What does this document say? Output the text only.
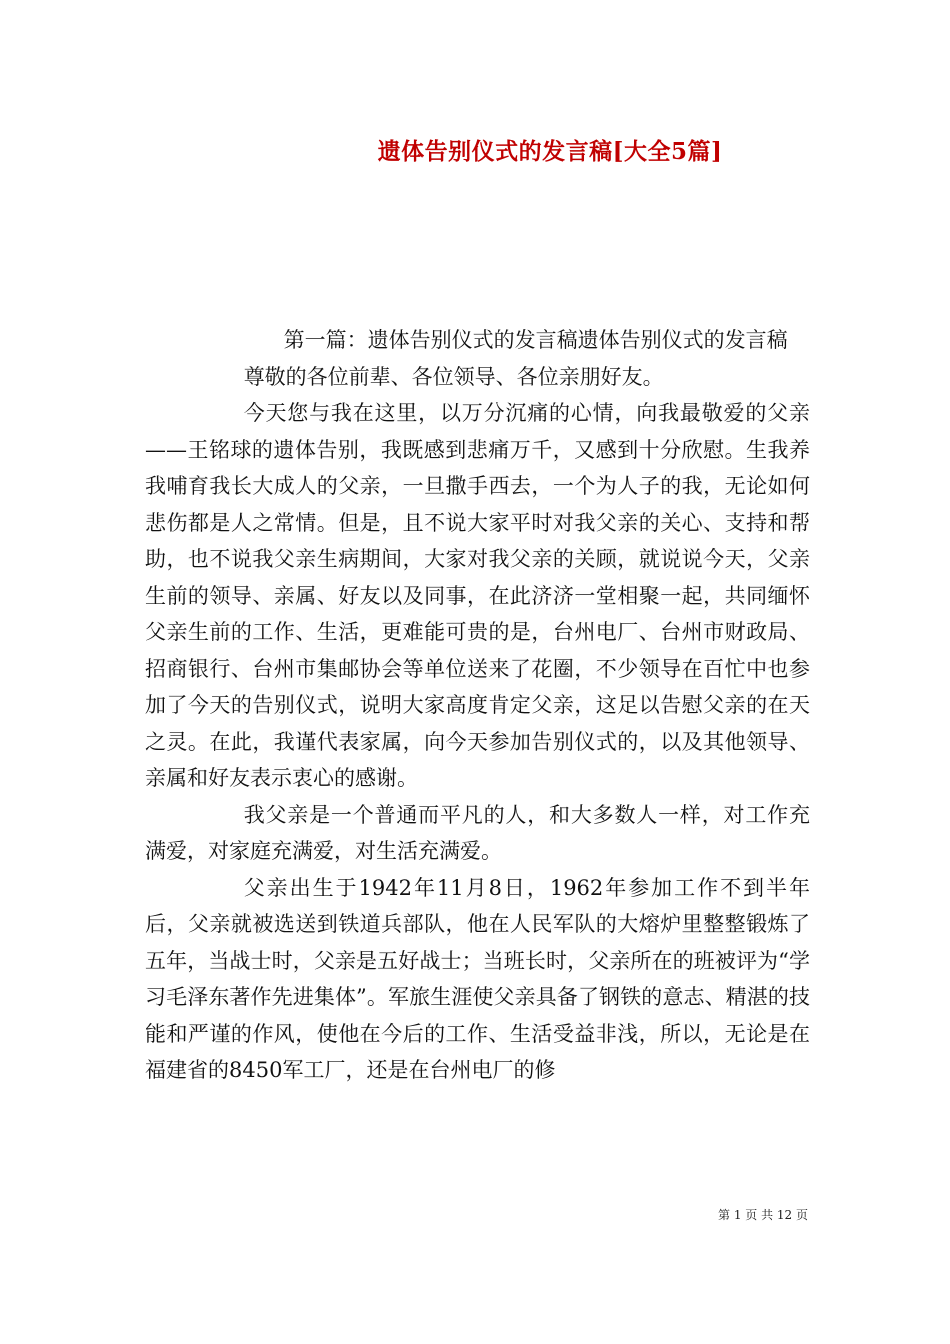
遗体告别仪式的发言稿[大全5篇]

第一篇：遗体告别仪式的发言稿遗体告别仪式的发言稿

尊敬的各位前辈、各位领导、各位亲朋好友。

今天您与我在这里，以万分沉痛的心情，向我最敬爱的父亲——王铭球的遗体告别，我既感到悲痛万千，又感到十分欣慰。生我养我哺育我长大成人的父亲，一旦撒手西去，一个为人子的我，无论如何悲伤都是人之常情。但是，且不说大家平时对我父亲的关心、支持和帮助，也不说我父亲生病期间，大家对我父亲的关顾，就说说今天，父亲生前的领导、亲属、好友以及同事，在此济济一堂相聚一起，共同缅怀父亲生前的工作、生活，更难能可贵的是，台州电厂、台州市财政局、招商银行、台州市集邮协会等单位送来了花圈，不少领导在百忙中也参加了今天的告别仪式，说明大家高度肯定父亲，这足以告慰父亲的在天之灵。在此，我谨代表家属，向今天参加告别仪式的，以及其他领导、亲属和好友表示衷心的感谢。

我父亲是一个普通而平凡的人，和大多数人一样，对工作充满爱，对家庭充满爱，对生活充满爱。

父亲出生于1942年11月8日，1962年参加工作不到半年后，父亲就被选送到铁道兵部队，他在人民军队的大熔炉里整整锻炼了五年，当战士时，父亲是五好战士；当班长时，父亲所在的班被评为“学习毛泽东著作先进集体”。军旅生涯使父亲具备了钢铁的意志、精湛的技能和严谨的作风，使他在今后的工作、生活受益非浅，所以，无论是在福建省的8450军工厂，还是在台州电厂的修

第 1 页 共 12 页
